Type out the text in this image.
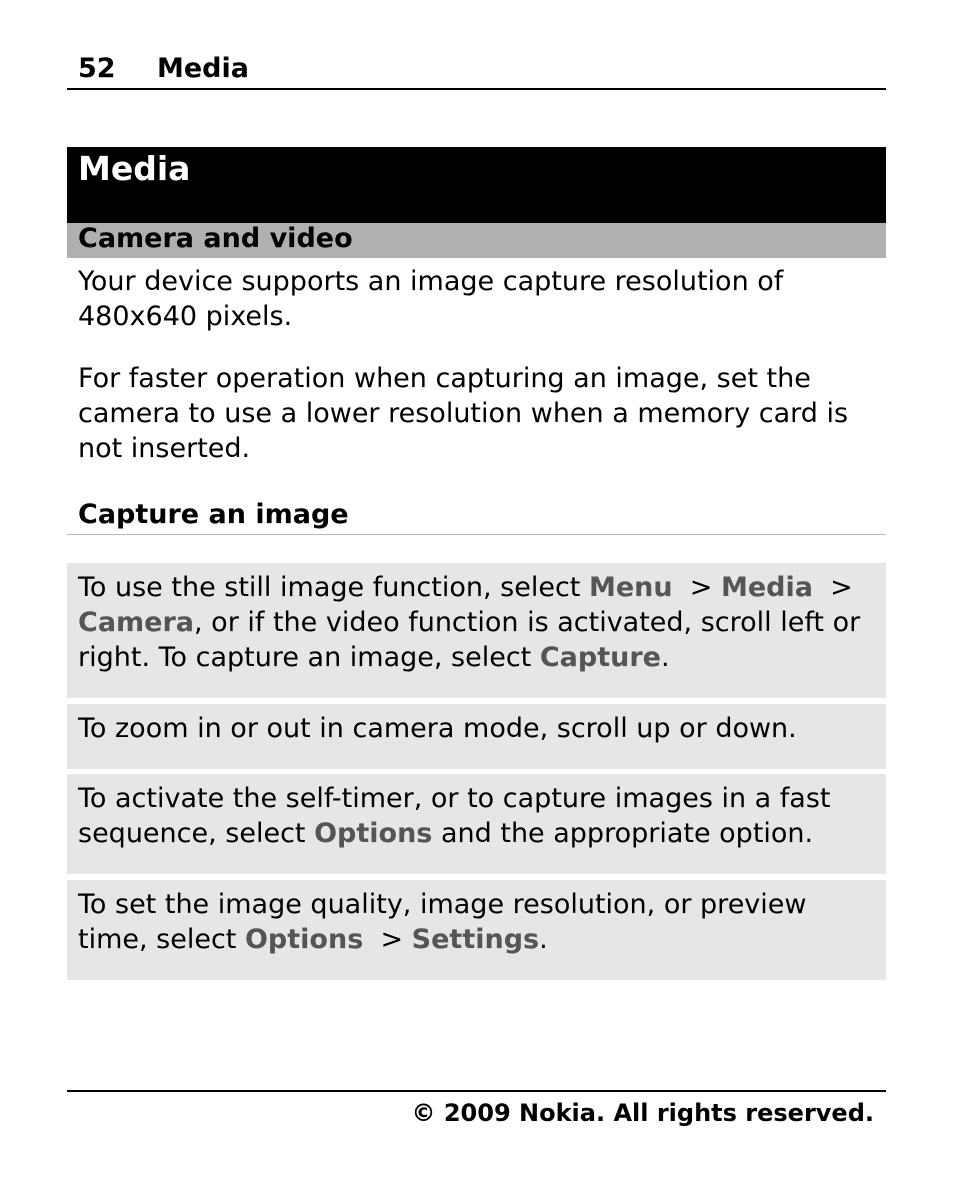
52 Media
Media
Camera and video

Your device supports an image capture resolution of 480x640 pixels.

For faster operation when capturing an image, set the camera to use a lower resolution when a memory card is not inserted.

Capture an image
To use the still image function, select Menu  > Media  > Camera, or if the video function is activated, scroll left or right. To capture an image, select Capture.
To zoom in or out in camera mode, scroll up or down.
To activate the self-timer, or to capture images in a fast sequence, select Options and the appropriate option.
To set the image quality, image resolution, or preview time, select Options  > Settings.
© 2009 Nokia. All rights reserved.
